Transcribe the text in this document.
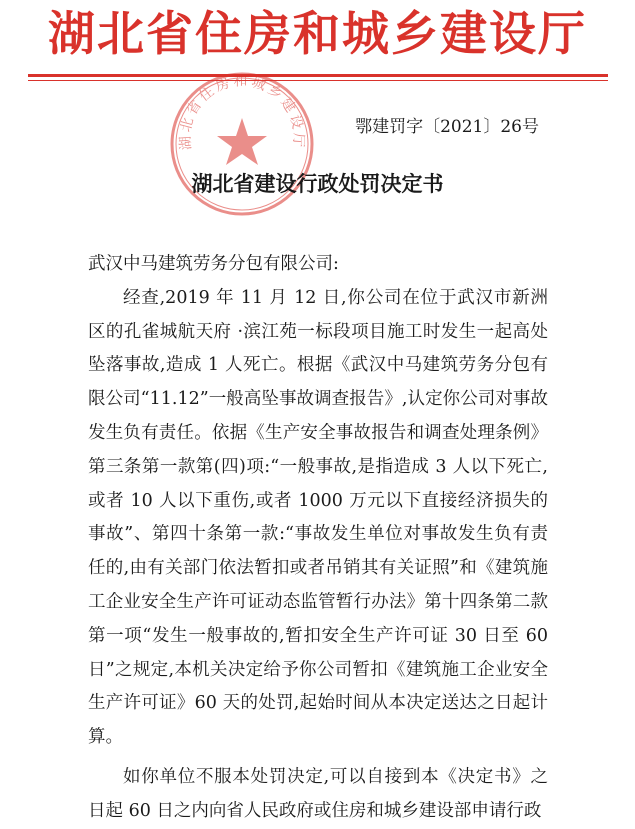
湖北省住房和城乡建设厅
湖北省住房和城乡建设厅
鄂建罚字〔2021〕26号
湖北省建设行政处罚决定书
武汉中马建筑劳务分包有限公司:
经查,2019 年 11 月 12 日,你公司在位于武汉市新洲区的孔雀城航天府 ·滨江苑一标段项目施工时发生一起高处坠落事故,造成 1 人死亡。根据《武汉中马建筑劳务分包有限公司“11.12”一般高坠事故调查报告》,认定你公司对事故发生负有责任。依据《生产安全事故报告和调查处理条例》第三条第一款第(四)项:“一般事故,是指造成 3 人以下死亡,或者 10 人以下重伤,或者 1000 万元以下直接经济损失的事故”、第四十条第一款:“事故发生单位对事故发生负有责任的,由有关部门依法暂扣或者吊销其有关证照”和《建筑施工企业安全生产许可证动态监管暂行办法》第十四条第二款第一项“发生一般事故的,暂扣安全生产许可证 30 日至 60 日”之规定,本机关决定给予你公司暂扣《建筑施工企业安全生产许可证》60 天的处罚,起始时间从本决定送达之日起计算。
如你单位不服本处罚决定,可以自接到本《决定书》之日起 60 日之内向省人民政府或住房和城乡建设部申请行政
